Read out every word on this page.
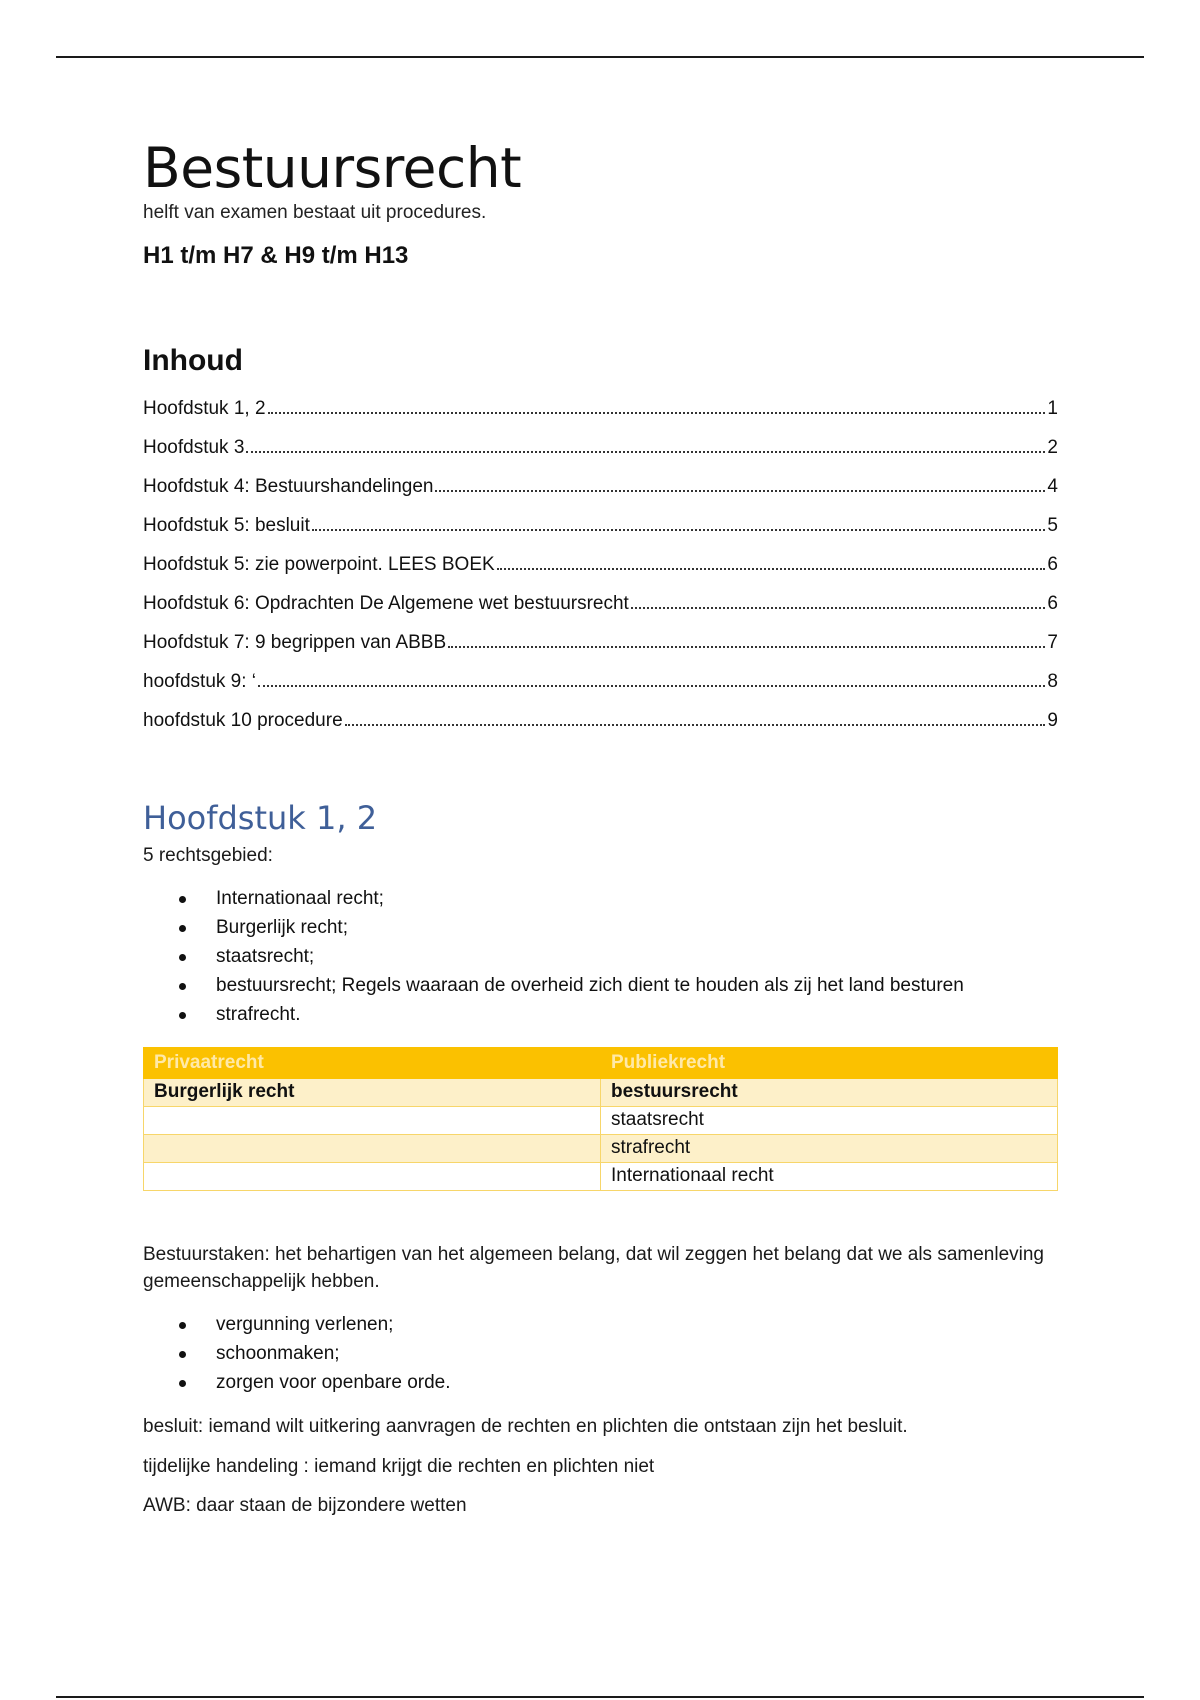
Bestuursrecht

helft van examen bestaat uit procedures.

H1 t/m H7 & H9 t/m H13

Inhoud
Hoofdstuk 1, 2	1
Hoofdstuk 3	2
Hoofdstuk 4: Bestuurshandelingen	4
Hoofdstuk 5: besluit	5
Hoofdstuk 5: zie powerpoint. LEES BOEK	6
Hoofdstuk 6: Opdrachten De Algemene wet bestuursrecht	6
Hoofdstuk 7: 9 begrippen van ABBB	7
hoofdstuk 9: ‘	8
hoofdstuk 10 procedure	9
Hoofdstuk 1, 2

5 rechtsgebied:

Internationaal recht;
Burgerlijk recht;
staatsrecht;
bestuursrecht; Regels waaraan de overheid zich dient te houden als zij het land besturen
strafrecht.
Privaatrecht	Publiekrecht
Burgerlijk recht	bestuursrecht
	staatsrecht
	strafrecht
	Internationaal recht

Bestuurstaken: het behartigen van het algemeen belang, dat wil zeggen het belang dat we als samenleving gemeenschappelijk hebben.

vergunning verlenen;
schoonmaken;
zorgen voor openbare orde.

besluit: iemand wilt uitkering aanvragen de rechten en plichten die ontstaan zijn het besluit.

tijdelijke handeling : iemand krijgt die rechten en plichten niet

AWB: daar staan de bijzondere wetten
